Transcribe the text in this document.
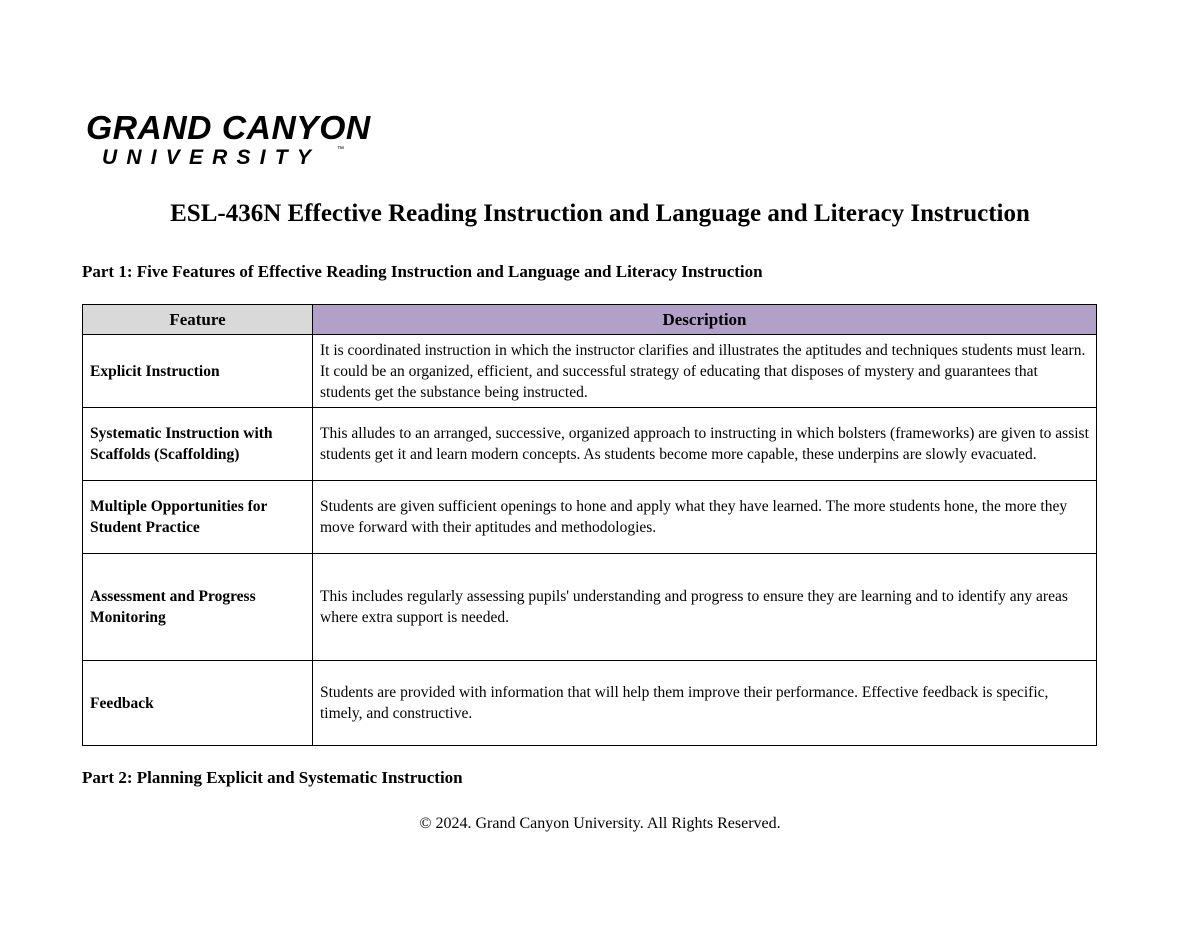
GRAND CANYON
UNIVERSITY ™
ESL-436N Effective Reading Instruction and Language and Literacy Instruction
Part 1: Five Features of Effective Reading Instruction and Language and Literacy Instruction
Feature	Description
Explicit Instruction	It is coordinated instruction in which the instructor clarifies and illustrates the aptitudes and techniques students must learn. It could be an organized, efficient, and successful strategy of educating that disposes of mystery and guarantees that students get the substance being instructed.
Systematic Instruction with Scaffolds (Scaffolding)	This alludes to an arranged, successive, organized approach to instructing in which bolsters (frameworks) are given to assist students get it and learn modern concepts. As students become more capable, these underpins are slowly evacuated.
Multiple Opportunities for Student Practice	Students are given sufficient openings to hone and apply what they have learned. The more students hone, the more they move forward with their aptitudes and methodologies.
Assessment and Progress Monitoring	This includes regularly assessing pupils' understanding and progress to ensure they are learning and to identify any areas where extra support is needed.
Feedback	Students are provided with information that will help them improve their performance. Effective feedback is specific, timely, and constructive.
Part 2: Planning Explicit and Systematic Instruction
© 2024. Grand Canyon University. All Rights Reserved.
